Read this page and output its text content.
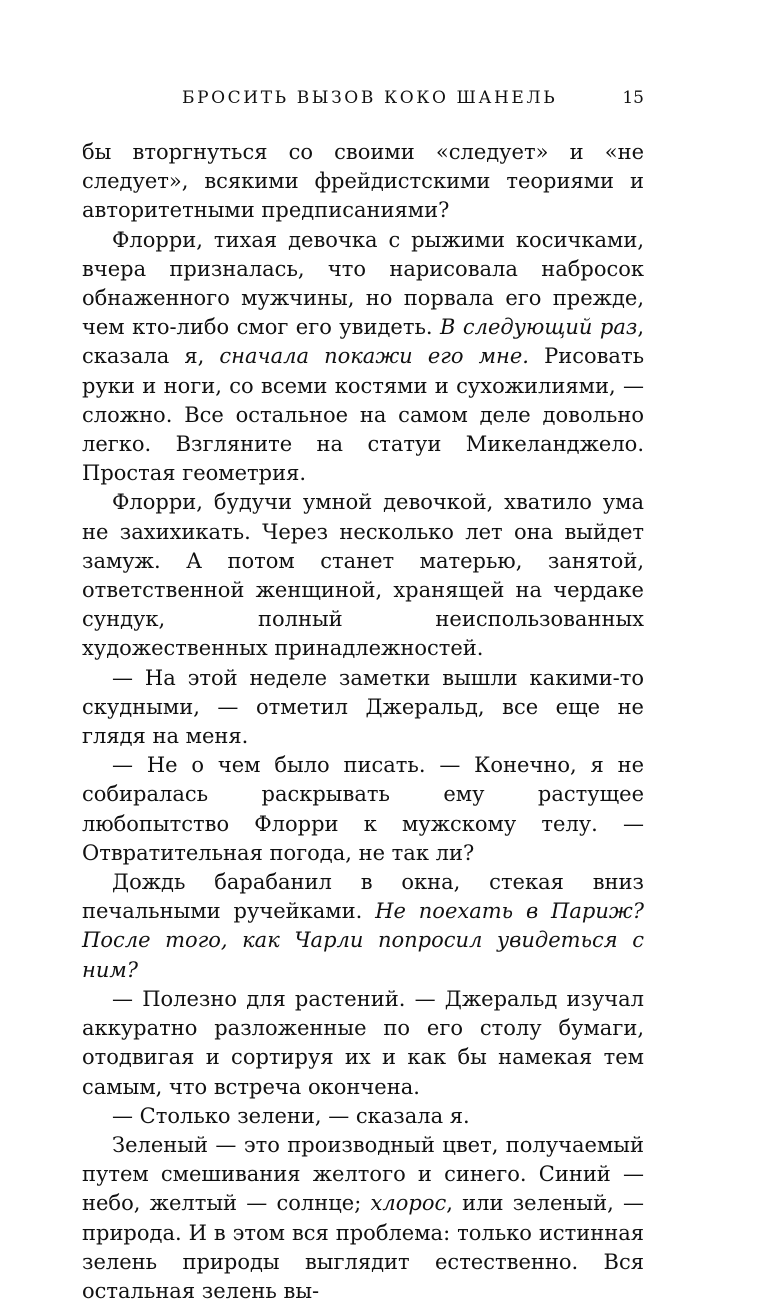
БРОСИТЬ ВЫЗОВ КОКО ШАНЕЛЬ	15

бы вторгнуться со своими «следует» и «не следует», всякими фрейдистскими теориями и авторитетными предписаниями?

Флорри, тихая девочка с рыжими косичками, вчера призналась, что нарисовала набросок обнаженного мужчины, но порвала его прежде, чем кто-либо смог его увидеть. В следующий раз, сказала я, сначала покажи его мне. Рисовать руки и ноги, со всеми костями и сухожилиями, — сложно. Все остальное на самом деле довольно легко. Взгляните на статуи Микеланджело. Простая геометрия.

Флорри, будучи умной девочкой, хватило ума не захихикать. Через несколько лет она выйдет замуж. А потом станет матерью, занятой, ответственной женщиной, хранящей на чердаке сундук, полный неиспользованных художественных принадлежностей.

— На этой неделе заметки вышли какими-то скудными, — отметил Джеральд, все еще не глядя на меня.

— Не о чем было писать. — Конечно, я не собиралась раскрывать ему растущее любопытство Флорри к мужскому телу. — Отвратительная погода, не так ли?

Дождь барабанил в окна, стекая вниз печальными ручейками. Не поехать в Париж? После того, как Чарли попросил увидеться с ним?

— Полезно для растений. — Джеральд изучал аккуратно разложенные по его столу бумаги, отодвигая и сортируя их и как бы намекая тем самым, что встреча окончена.

— Столько зелени, — сказала я.

Зеленый — это производный цвет, получаемый путем смешивания желтого и синего. Синий — небо, желтый — солнце; хлорос, или зеленый, — природа. И в этом вся проблема: только истинная зелень природы выглядит естественно. Вся остальная зелень вы-
